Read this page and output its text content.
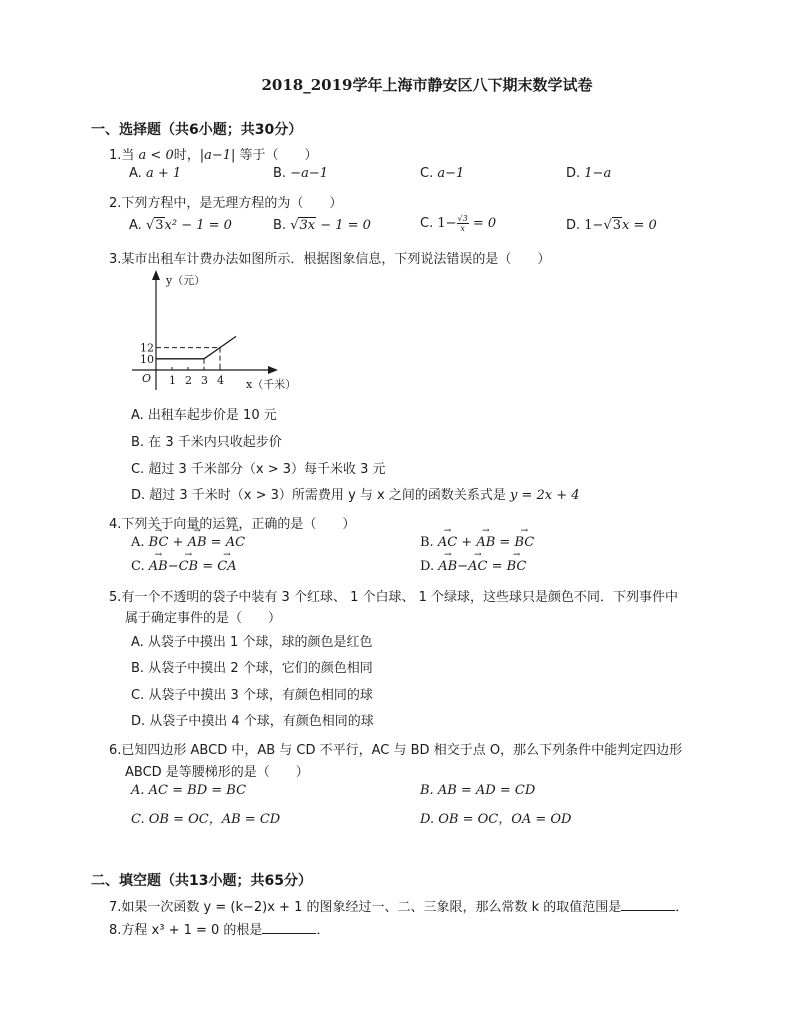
2018_2019学年上海市静安区八下期末数学试卷
一、选择题（共6小题；共30分）
1.当 a < 0时，|a−1| 等于（　　）
A. a + 1	B. −a−1	C. a−1	D. 1−a
2.下列方程中，是无理方程的为（　　）
A. √3x² − 1 = 0	B. √3x − 1 = 0	C. $1- \frac{√3}{x} = 0$	D. 1−√3x = 0
3.某市出租车计费办法如图所示．根据图象信息，下列说法错误的是（　　）
y（元）
x（千米）
O 1 2 3 4
10
12
A. 出租车起步价是 10 元
B. 在 3 千米内只收起步价
C. 超过 3 千米部分（x > 3）每千米收 3 元
D. 超过 3 千米时（x > 3）所需费用 y 与 x 之间的函数关系式是 y = 2x + 4
4.下列关于向量的运算，正确的是（　　）
A. → BC + → AB = → AC	B. → AC + → AB = → BC
C. → AB−→ CB = → CA	D. → AB−→ AC = → BC
5.有一个不透明的袋子中装有 3 个红球、 1 个白球、 1 个绿球，这些球只是颜色不同．下列事件中
属于确定事件的是（　　）
A. 从袋子中摸出 1 个球，球的颜色是红色
B. 从袋子中摸出 2 个球，它们的颜色相同
C. 从袋子中摸出 3 个球，有颜色相同的球
D. 从袋子中摸出 4 个球，有颜色相同的球
6.已知四边形 ABCD 中，AB 与 CD 不平行，AC 与 BD 相交于点 O，那么下列条件中能判定四边形
ABCD 是等腰梯形的是（　　）
A. AC = BD = BC	B. AB = AD = CD
C. OB = OC，AB = CD	D. OB = OC，OA = OD
二、填空题（共13小题；共65分）
7.如果一次函数 y = (k−2)x + 1 的图象经过一、二、三象限，那么常数 k 的取值范围是	．
8.方程 x³ + 1 = 0 的根是	．
